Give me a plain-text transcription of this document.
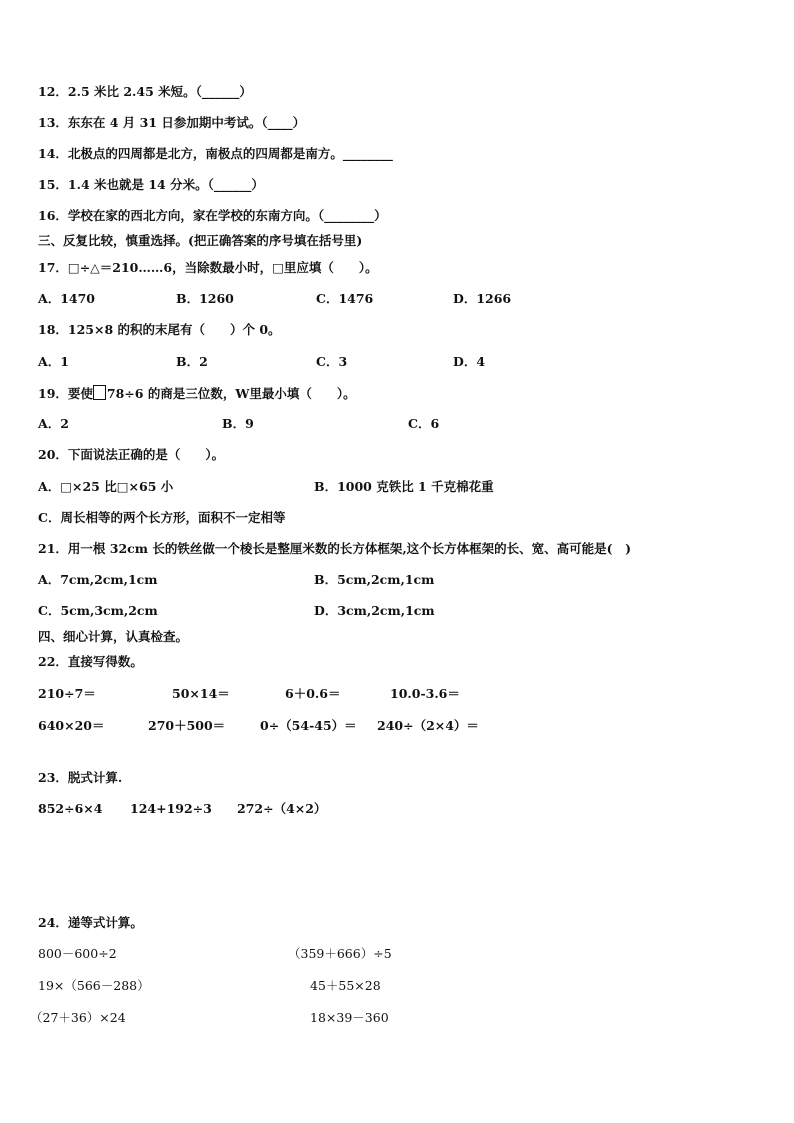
12．2.5 米比 2.45 米短。（______）
13．东东在 4 月 31 日参加期中考试。（____）
14．北极点的四周都是北方，南极点的四周都是南方。________
15．1.4 米也就是 14 分米。（______）
16．学校在家的西北方向，家在学校的东南方向。（________）
三、反复比较，慎重选择。(把正确答案的序号填在括号里)
17．□÷△＝210……6，当除数最小时，□里应填（　　）。
A．1470	B．1260	C．1476	D．1266
18．125×8 的积的末尾有（　　）个 0。
A．1	B．2	C．3	D．4
19．要使 78÷6 的商是三位数，W里最小填（　　）。
A．2	B．9	C．6
20．下面说法正确的是（　　）。
A．□×25 比□×65 小	B．1000 克铁比 1 千克棉花重
C．周长相等的两个长方形，面积不一定相等
21．用一根 32cm 长的铁丝做一个棱长是整厘米数的长方体框架,这个长方体框架的长、宽、高可能是(　)
A．7cm,2cm,1cm	B．5cm,2cm,1cm
C．5cm,3cm,2cm	D．3cm,2cm,1cm
四、细心计算，认真检查。
22．直接写得数。
210÷7＝	50×14＝	6＋0.6＝	10.0-3.6＝
640×20＝	270＋500＝	0÷（54-45）＝ 240÷（2×4）＝
23．脱式计算.
852÷6×4 124+192÷3 272÷（4×2）
24．递等式计算。
800－600÷2	（359＋666）÷5
19×（566－288）	45＋55×28
（27＋36）×24	18×39－360
